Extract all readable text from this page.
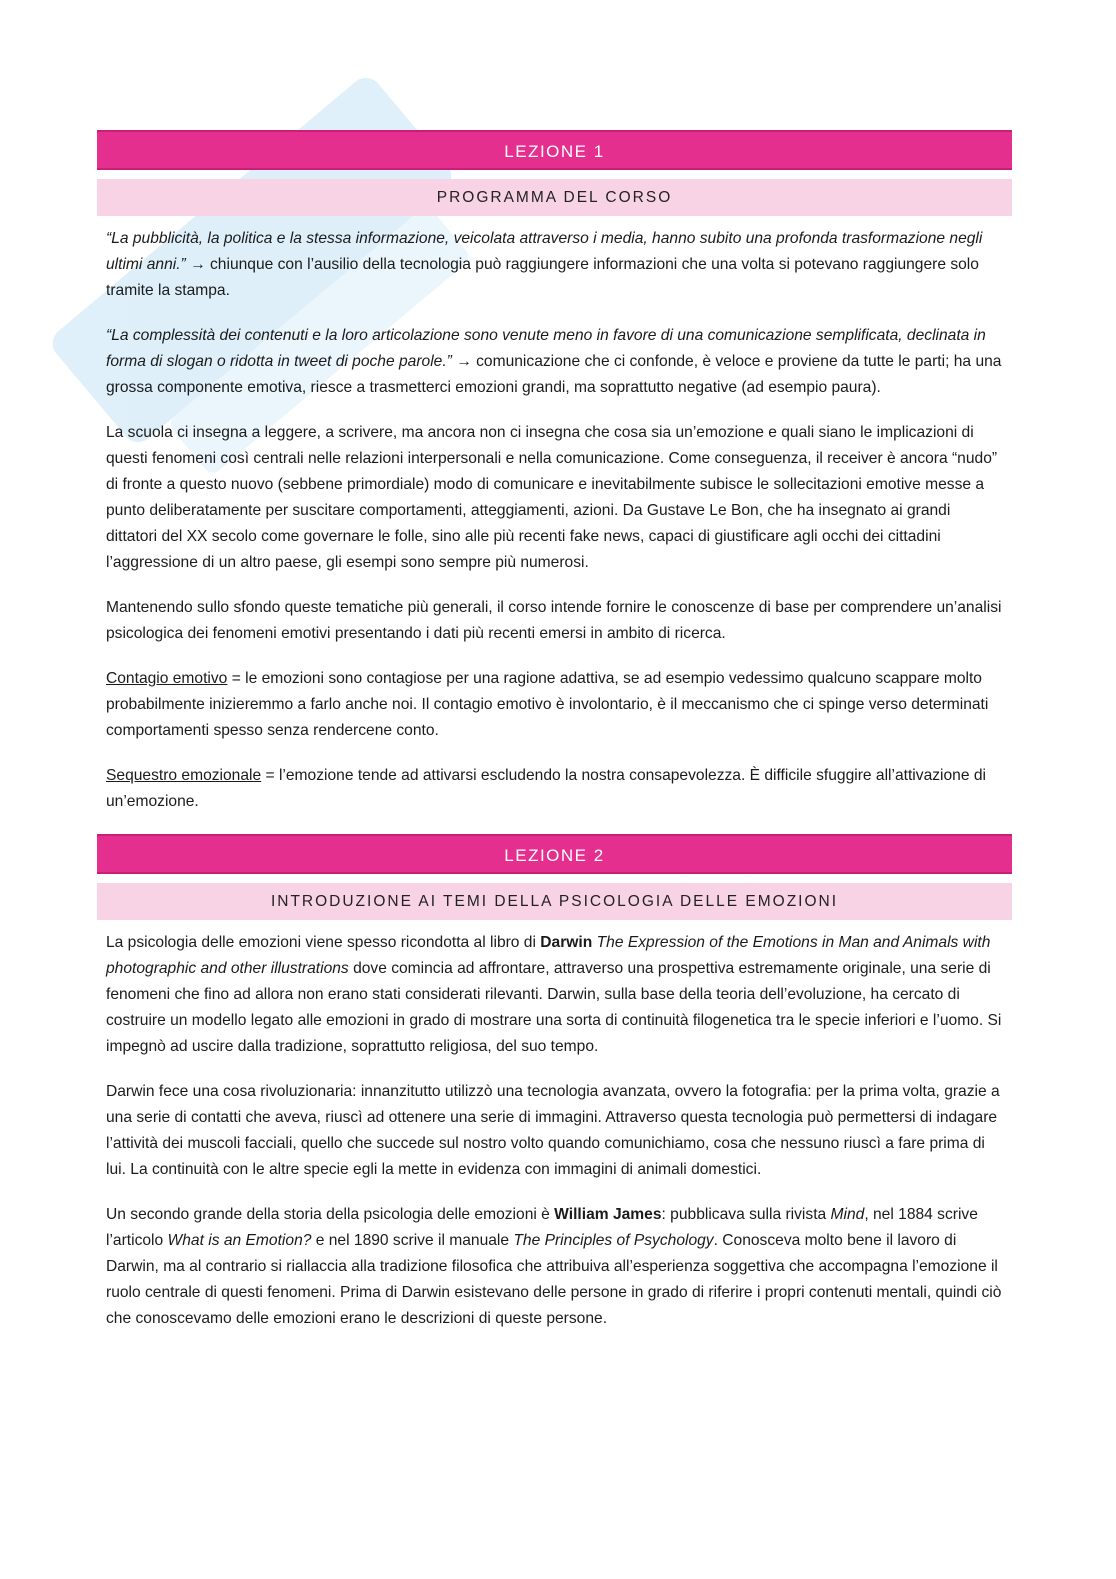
LEZIONE 1
PROGRAMMA DEL CORSO

“La pubblicità, la politica e la stessa informazione, veicolata attraverso i media, hanno subito una profonda trasformazione negli ultimi anni.” → chiunque con l’ausilio della tecnologia può raggiungere informazioni che una volta si potevano raggiungere solo tramite la stampa.

“La complessità dei contenuti e la loro articolazione sono venute meno in favore di una comunicazione semplificata, declinata in forma di slogan o ridotta in tweet di poche parole.” → comunicazione che ci confonde, è veloce e proviene da tutte le parti; ha una grossa componente emotiva, riesce a trasmetterci emozioni grandi, ma soprattutto negative (ad esempio paura).

La scuola ci insegna a leggere, a scrivere, ma ancora non ci insegna che cosa sia un’emozione e quali siano le implicazioni di questi fenomeni così centrali nelle relazioni interpersonali e nella comunicazione. Come conseguenza, il receiver è ancora “nudo” di fronte a questo nuovo (sebbene primordiale) modo di comunicare e inevitabilmente subisce le sollecitazioni emotive messe a punto deliberatamente per suscitare comportamenti, atteggiamenti, azioni. Da Gustave Le Bon, che ha insegnato ai grandi dittatori del XX secolo come governare le folle, sino alle più recenti fake news, capaci di giustificare agli occhi dei cittadini l’aggressione di un altro paese, gli esempi sono sempre più numerosi.

Mantenendo sullo sfondo queste tematiche più generali, il corso intende fornire le conoscenze di base per comprendere un’analisi psicologica dei fenomeni emotivi presentando i dati più recenti emersi in ambito di ricerca.

Contagio emotivo = le emozioni sono contagiose per una ragione adattiva, se ad esempio vedessimo qualcuno scappare molto probabilmente inizieremmo a farlo anche noi. Il contagio emotivo è involontario, è il meccanismo che ci spinge verso determinati comportamenti spesso senza rendercene conto.

Sequestro emozionale = l’emozione tende ad attivarsi escludendo la nostra consapevolezza. È difficile sfuggire all’attivazione di un’emozione.

LEZIONE 2
INTRODUZIONE AI TEMI DELLA PSICOLOGIA DELLE EMOZIONI

La psicologia delle emozioni viene spesso ricondotta al libro di Darwin The Expression of the Emotions in Man and Animals with photographic and other illustrations dove comincia ad affrontare, attraverso una prospettiva estremamente originale, una serie di fenomeni che fino ad allora non erano stati considerati rilevanti. Darwin, sulla base della teoria dell’evoluzione, ha cercato di costruire un modello legato alle emozioni in grado di mostrare una sorta di continuità filogenetica tra le specie inferiori e l’uomo. Si impegnò ad uscire dalla tradizione, soprattutto religiosa, del suo tempo.

Darwin fece una cosa rivoluzionaria: innanzitutto utilizzò una tecnologia avanzata, ovvero la fotografia: per la prima volta, grazie a una serie di contatti che aveva, riuscì ad ottenere una serie di immagini. Attraverso questa tecnologia può permettersi di indagare l’attività dei muscoli facciali, quello che succede sul nostro volto quando comunichiamo, cosa che nessuno riuscì a fare prima di lui. La continuità con le altre specie egli la mette in evidenza con immagini di animali domestici.

Un secondo grande della storia della psicologia delle emozioni è William James: pubblicava sulla rivista Mind, nel 1884 scrive l’articolo What is an Emotion? e nel 1890 scrive il manuale The Principles of Psychology. Conosceva molto bene il lavoro di Darwin, ma al contrario si riallaccia alla tradizione filosofica che attribuiva all’esperienza soggettiva che accompagna l’emozione il ruolo centrale di questi fenomeni. Prima di Darwin esistevano delle persone in grado di riferire i propri contenuti mentali, quindi ciò che conoscevamo delle emozioni erano le descrizioni di queste persone.
